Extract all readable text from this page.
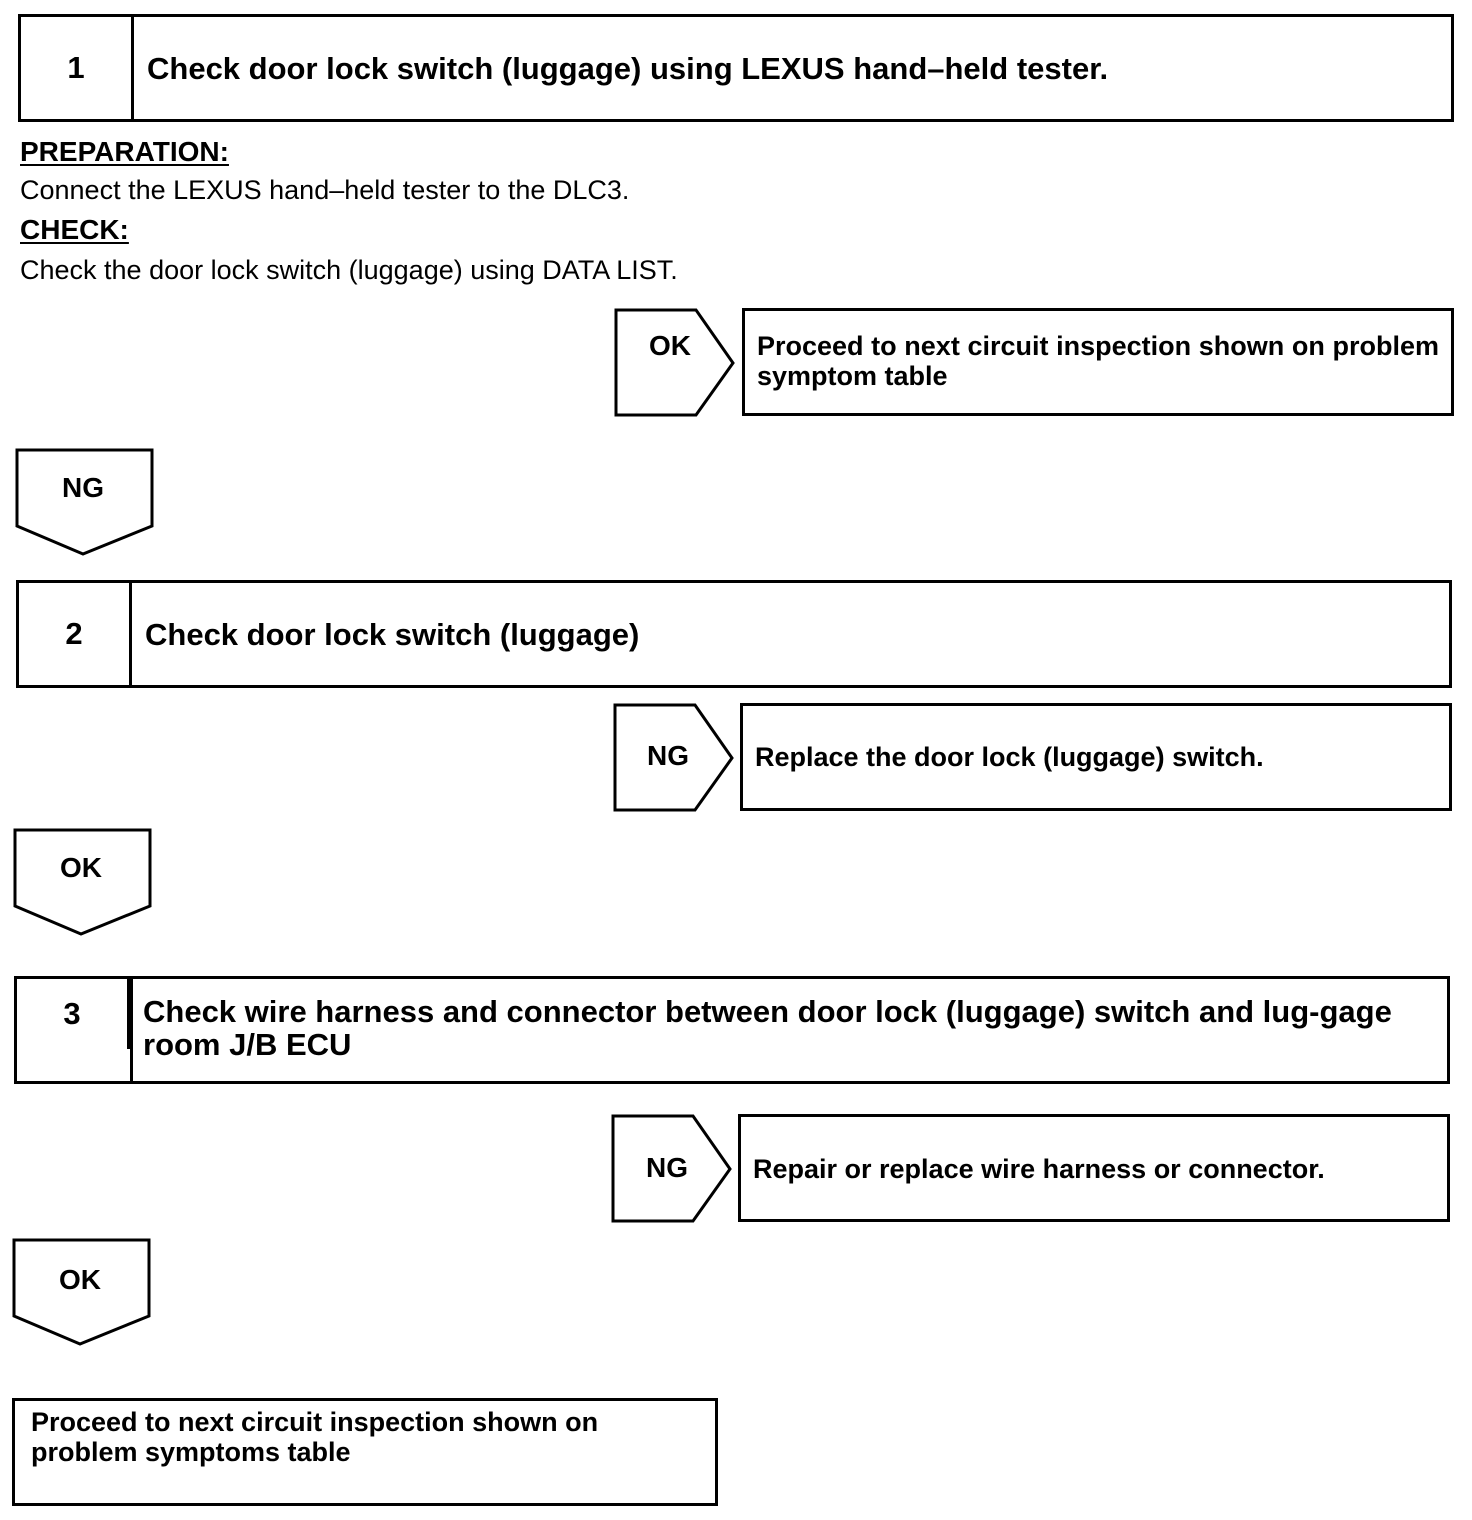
1	Check door lock switch (luggage) using LEXUS hand–held tester.
PREPARATION:
Connect the LEXUS hand–held tester to the DLC3.
CHECK:
Check the door lock switch (luggage) using DATA LIST.
OK	Proceed to next circuit inspection shown on problem symptom table
NG
2	Check door lock switch (luggage)
NG	Replace the door lock (luggage) switch.
OK
3	Check wire harness and connector between door lock (luggage) switch and lug-gage room J/B ECU
NG	Repair or replace wire harness or connector.
OK
Proceed to next circuit inspection shown on problem symptoms table
